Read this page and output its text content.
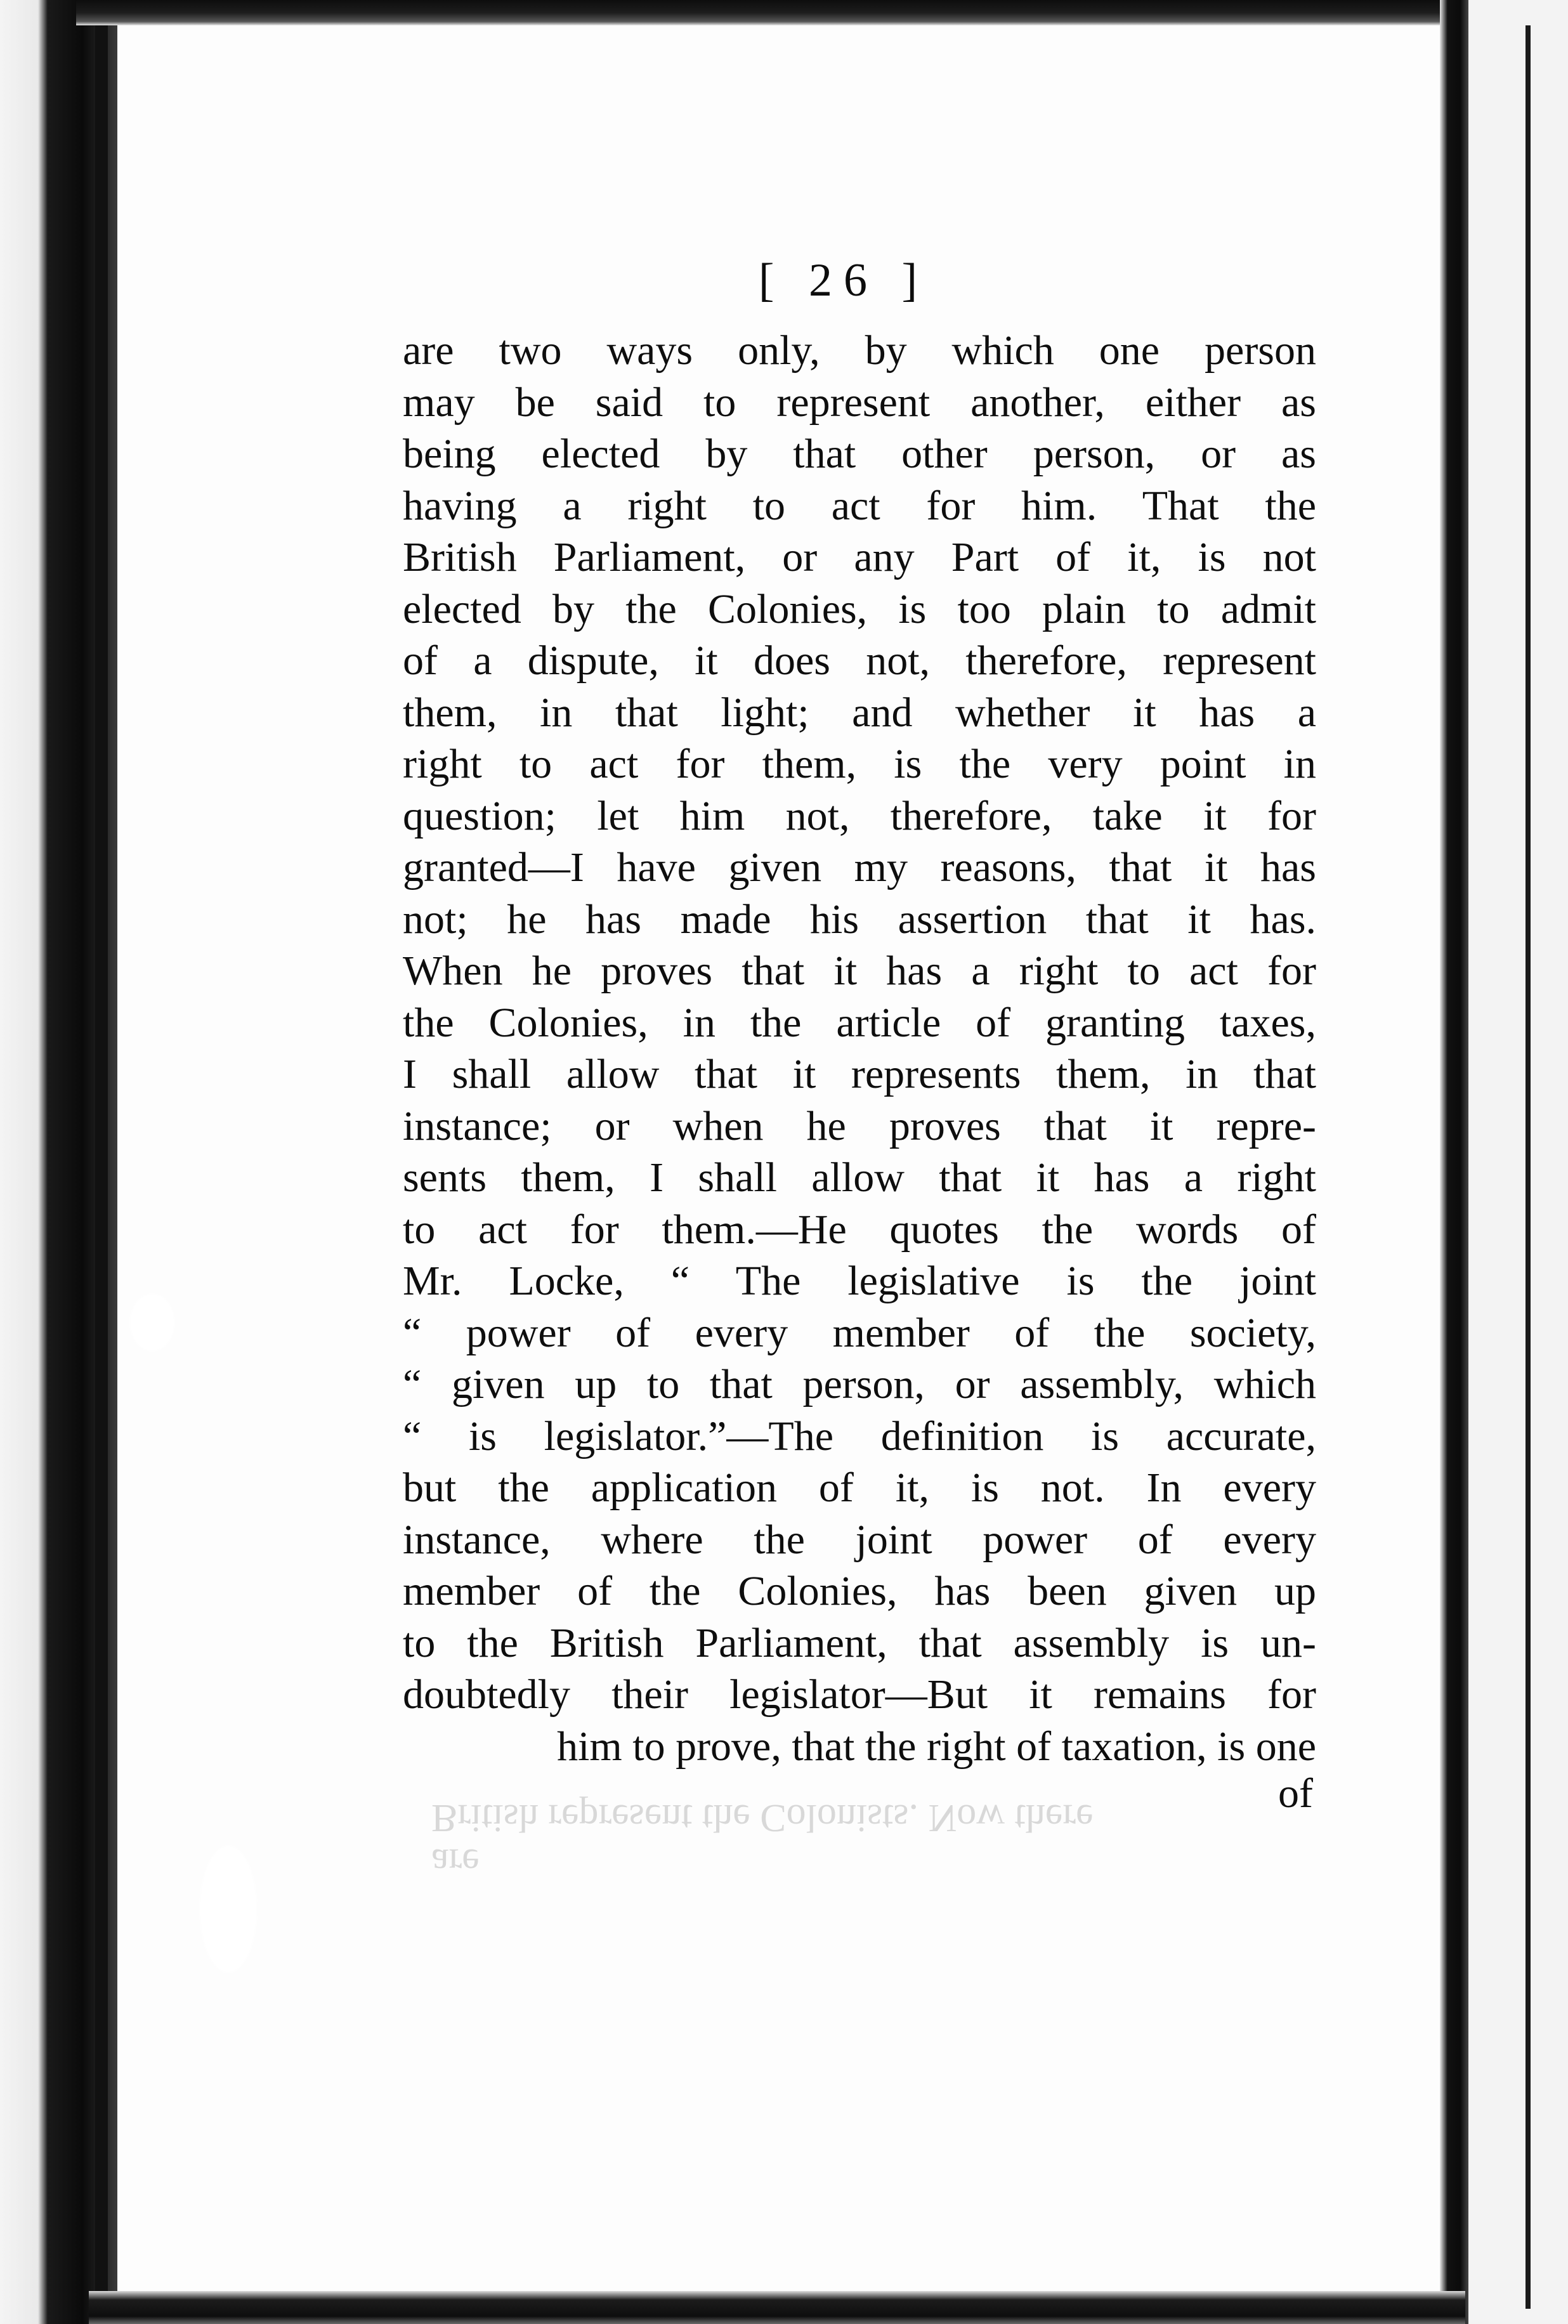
[ 26 ]
are two ways only, by which one person
may be said to represent another, either as
being elected by that other person, or as
having a right to act for him. That the
British Parliament, or any Part of it, is not
elected by the Colonies, is too plain to admit
of a dispute, it does not, therefore, represent
them, in that light; and whether it has a
right to act for them, is the very point in
question; let him not, therefore, take it for
granted—I have given my reasons, that it has
not; he has made his assertion that it has.
When he proves that it has a right to act for
the Colonies, in the article of granting taxes,
I shall allow that it represents them, in that
instance; or when he proves that it repre-
sents them, I shall allow that it has a right
to act for them.—He quotes the words of
Mr. Locke, “ The legislative is the joint
“ power of every member of the society,
“ given up to that person, or assembly, which
“ is legislator.”—The definition is accurate,
but the application of it, is not. In every
instance, where the joint power of every
member of the Colonies, has been given up
to the British Parliament, that assembly is un-
doubtedly their legislator—But it remains for
him to prove, that the right of taxation, is one
of
British represent the Colonists. Now there
are
